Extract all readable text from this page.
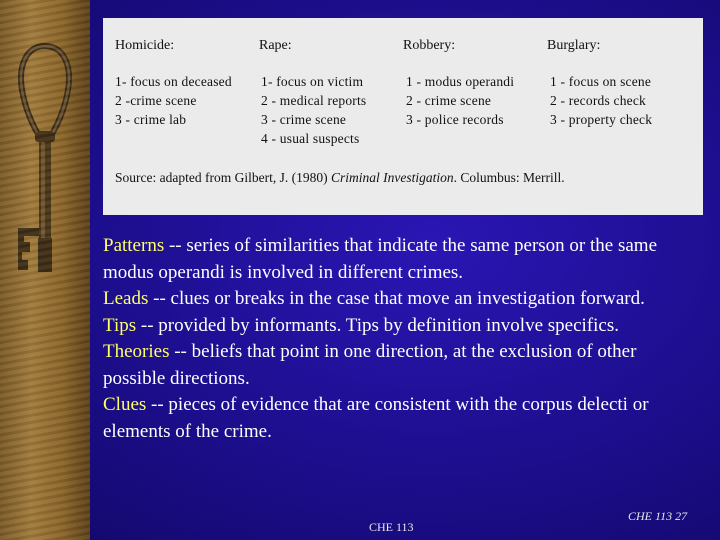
Homicide:
1- focus on deceased
2 -crime scene
3 - crime lab
Rape:
1- focus on victim
2 - medical reports
3 - crime scene
4 - usual suspects
Robbery:
1 - modus operandi
2 - crime scene
3 - police records
Burglary:
1 - focus on scene
2 - records check
3 - property check
Source: adapted from Gilbert, J. (1980) Criminal Investigation. Columbus: Merrill.
Patterns -- series of similarities that indicate the same person or the same modus operandi is involved in different crimes.
Leads -- clues or breaks in the case that move an investigation forward.
Tips -- provided by informants. Tips by definition involve specifics.
Theories -- beliefs that point in one direction, at the exclusion of other possible directions.
Clues -- pieces of evidence that are consistent with the corpus delecti or elements of the crime.
CHE 113
CHE 113 27
